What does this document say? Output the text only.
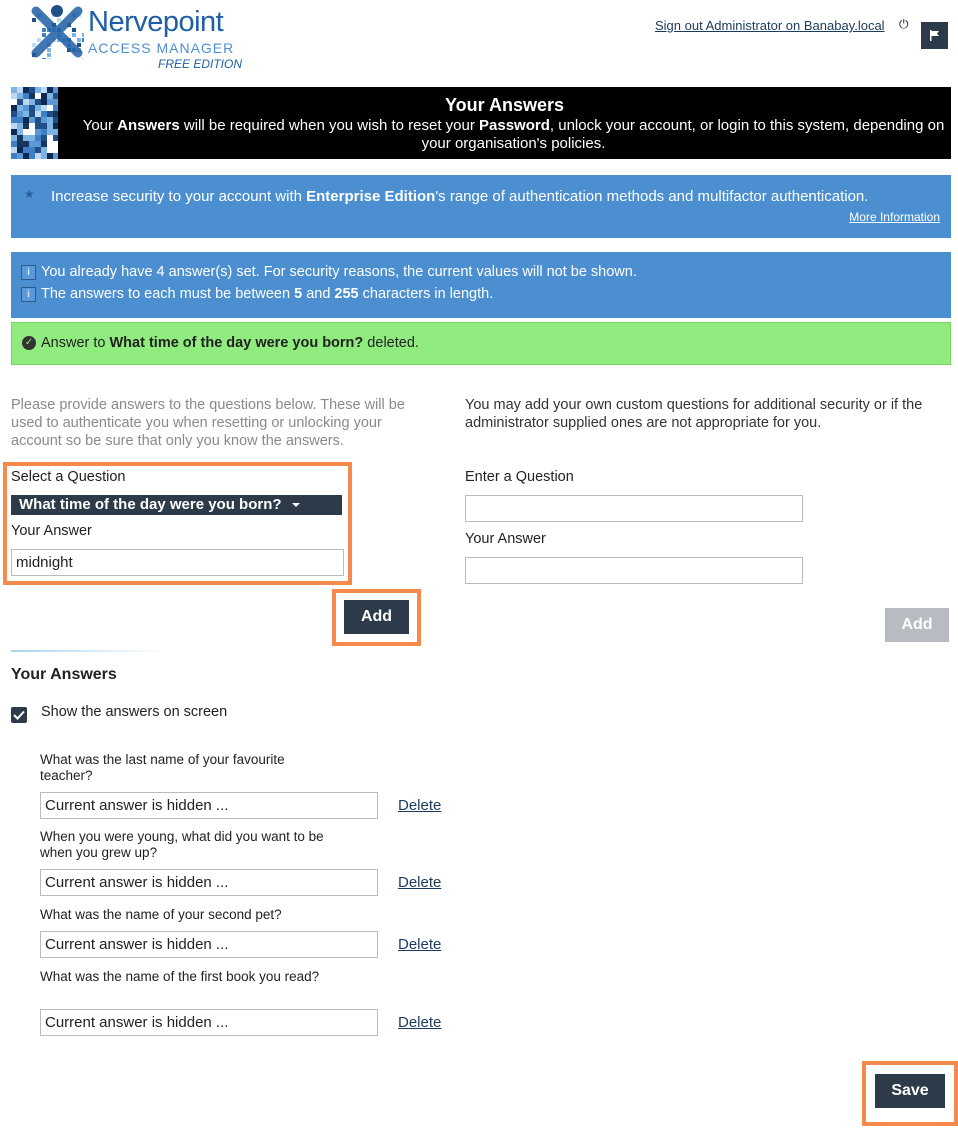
Nervepoint
ACCESS MANAGER
FREE EDITION
Sign out Administrator on Banabay.local ⏻
Your Answers
Your Answers will be required when you wish to reset your Password, unlock your account, or login to this system, depending on your organisation's policies.
★ Increase security to your account with Enterprise Edition's range of authentication methods and multifactor authentication.
More Information
i You already have 4 answer(s) set. For security reasons, the current values will not be shown.
i The answers to each must be between 5 and 255 characters in length.
✓ Answer to What time of the day were you born? deleted.
Please provide answers to the questions below. These will be used to authenticate you when resetting or unlocking your account so be sure that only you know the answers.
You may add your own custom questions for additional security or if the administrator supplied ones are not appropriate for you.
Select a Question
What time of the day were you born?
Your Answer
midnight
Add
Enter a Question
Your Answer
Add
Your Answers
Show the answers on screen
What was the last name of your favourite teacher?
Current answer is hidden ...	Delete
When you were young, what did you want to be when you grew up?
Current answer is hidden ...	Delete
What was the name of your second pet?
Current answer is hidden ...	Delete
What was the name of the first book you read?
Current answer is hidden ...	Delete
Save
